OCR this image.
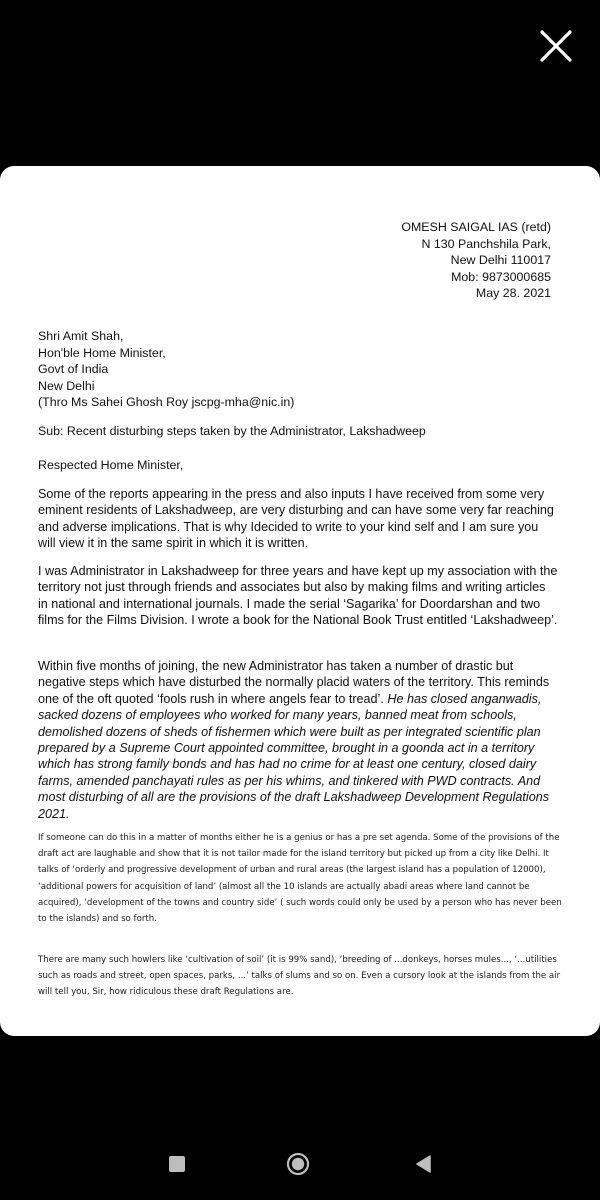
OMESH SAIGAL IAS (retd)
N 130 Panchshila Park,
New Delhi 110017
Mob: 9873000685
May 28. 2021
Shri Amit Shah,
Hon'ble Home Minister,
Govt of India
New Delhi
(Thro Ms Sahei Ghosh Roy jscpg-mha@nic.in)
Sub: Recent disturbing steps taken by the Administrator, Lakshadweep
Respected Home Minister,

Some of the reports appearing in the press and also inputs I have received from some very eminent residents of Lakshadweep, are very disturbing and can have some very far reaching and adverse implications. That is why Idecided to write to your kind self and I am sure you will view it in the same spirit in which it is written.

I was Administrator in Lakshadweep for three years and have kept up my association with the territory not just through friends and associates but also by making films and writing articles in national and international journals. I made the serial ‘Sagarika’ for Doordarshan and two films for the Films Division. I wrote a book for the National Book Trust entitled ‘Lakshadweep’.

Within five months of joining, the new Administrator has taken a number of drastic but negative steps which have disturbed the normally placid waters of the territory. This reminds one of the oft quoted ‘fools rush in where angels fear to tread’. He has closed anganwadis, sacked dozens of employees who worked for many years, banned meat from schools, demolished dozens of sheds of fishermen which were built as per integrated scientific plan prepared by a Supreme Court appointed committee, brought in a goonda act in a territory which has strong family bonds and has had no crime for at least one century, closed dairy farms, amended panchayati rules as per his whims, and tinkered with PWD contracts. And most disturbing of all are the provisions of the draft Lakshadweep Development Regulations 2021.

If someone can do this in a matter of months either he is a genius or has a pre set agenda. Some of the provisions of the draft act are laughable and show that it is not tailor made for the island territory but picked up from a city like Delhi. It talks of ‘orderly and progressive development of urban and rural areas (the largest island has a population of 12000), ‘additional powers for acquisition of land’ (almost all the 10 islands are actually abadi areas where land cannot be acquired), ‘development of the towns and country side’ ( such words could only be used by a person who has never been to the islands) and so forth.

There are many such howlers like ‘cultivation of soil’ (it is 99% sand), ‘breeding of ...donkeys, horses mules..., ‘...utilities such as roads and street, open spaces, parks, ...’ talks of slums and so on. Even a cursory look at the islands from the air will tell you, Sir, how ridiculous these draft Regulations are.
